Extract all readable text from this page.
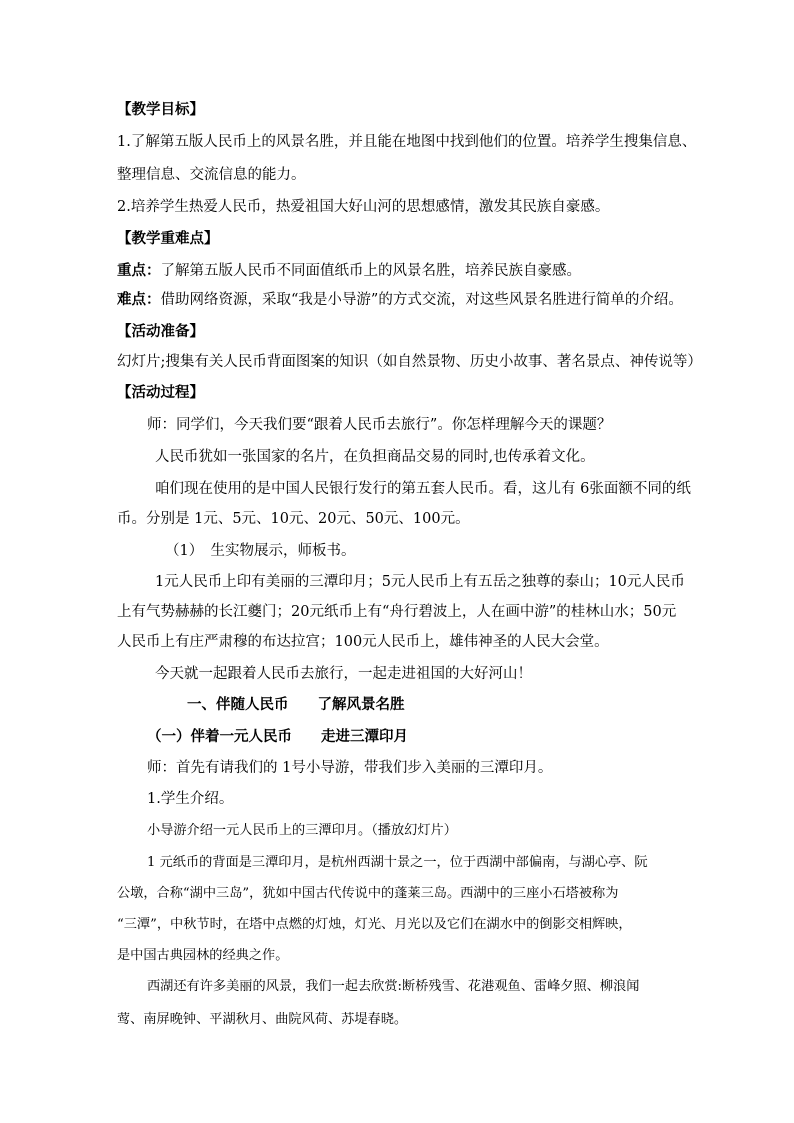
【教学目标】
1.了解第五版人民币上的风景名胜，并且能在地图中找到他们的位置。培养学生搜集信息、
整理信息、交流信息的能力。
2.培养学生热爱人民币，热爱祖国大好山河的思想感情，激发其民族自豪感。
【教学重难点】
重点：了解第五版人民币不同面值纸币上的风景名胜，培养民族自豪感。
难点：借助网络资源，采取“我是小导游”的方式交流，对这些风景名胜进行简单的介绍。
【活动准备】
幻灯片;搜集有关人民币背面图案的知识（如自然景物、历史小故事、著名景点、神传说等）
【活动过程】
师：同学们，今天我们要“跟着人民币去旅行”。你怎样理解今天的课题？
人民币犹如一张国家的名片，在负担商品交易的同时,也传承着文化。
咱们现在使用的是中国人民银行发行的第五套人民币。看，这儿有 6张面额不同的纸
币。分别是 1元、5元、10元、20元、50元、100元。
（1）　生实物展示，师板书。
1元人民币上印有美丽的三潭印月；5元人民币上有五岳之独尊的泰山；10元人民币
上有气势赫赫的长江夔门；20元纸币上有“舟行碧波上，人在画中游”的桂林山水；50元
人民币上有庄严肃穆的布达拉宫；100元人民币上，雄伟神圣的人民大会堂。
今天就一起跟着人民币去旅行，一起走进祖国的大好河山！
一、伴随人民币　　了解风景名胜
（一）伴着一元人民币　　走进三潭印月
师：首先有请我们的 1号小导游，带我们步入美丽的三潭印月。
1.学生介绍。
小导游介绍一元人民币上的三潭印月。（播放幻灯片）
1 元纸币的背面是三潭印月，是杭州西湖十景之一，位于西湖中部偏南，与湖心亭、阮
公墩，合称“湖中三岛”，犹如中国古代传说中的蓬莱三岛。西湖中的三座小石塔被称为
“三潭”，中秋节时，在塔中点燃的灯烛，灯光、月光以及它们在湖水中的倒影交相辉映，
是中国古典园林的经典之作。
西湖还有许多美丽的风景，我们一起去欣赏:断桥残雪、花港观鱼、雷峰夕照、柳浪闻
莺、南屏晚钟、平湖秋月、曲院风荷、苏堤春晓。
